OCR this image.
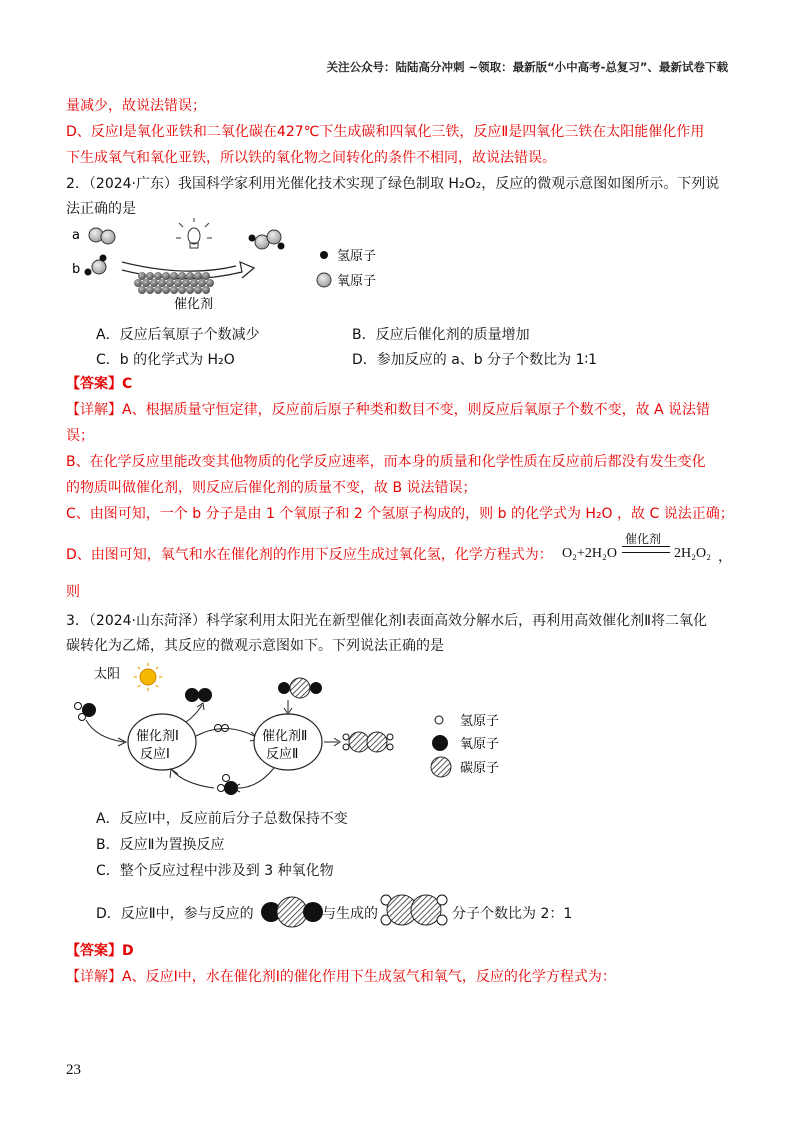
关注公众号：陆陆高分冲刺 ~领取：最新版“小中高考-总复习”、最新试卷下载
量减少，故说法错误；
D、反应Ⅰ是氧化亚铁和二氧化碳在427℃下生成碳和四氧化三铁，反应Ⅱ是四氧化三铁在太阳能催化作用
下生成氧气和氧化亚铁，所以铁的氧化物之间转化的条件不相同，故说法错误。
2．（2024·广东）我国科学家利用光催化技术实现了绿色制取 H₂O₂，反应的微观示意图如图所示。下列说
法正确的是
a
b
催化剂
氢原子
氧原子
A．反应后氧原子个数减少	B．反应后催化剂的质量增加
C．b 的化学式为 H₂O	D．参加反应的 a、b 分子个数比为 1∶1
【答案】C
【详解】A、根据质量守恒定律，反应前后原子种类和数目不变，则反应后氧原子个数不变，故 A 说法错
误；
B、在化学反应里能改变其他物质的化学反应速率，而本身的质量和化学性质在反应前后都没有发生变化
的物质叫做催化剂，则反应后催化剂的质量不变，故 B 说法错误；
C、由图可知，一个 b 分子是由 1 个氧原子和 2 个氢原子构成的，则 b 的化学式为 H₂O ，故 C 说法正确；
D、由图可知，氧气和水在催化剂的作用下反应生成过氧化氢，化学方程式为： O₂+2H₂O
催化剂
2H₂O₂ ，
则
3．（2024·山东菏泽）科学家利用太阳光在新型催化剂Ⅰ表面高效分解水后，再利用高效催化剂Ⅱ将二氧化
碳转化为乙烯，其反应的微观示意图如下。下列说法正确的是
太阳
催化剂Ⅰ
反应Ⅰ
催化剂Ⅱ
反应Ⅱ
氢原子
氧原子
碳原子
A．反应Ⅰ中，反应前后分子总数保持不变
B．反应Ⅱ为置换反应
C．整个反应过程中涉及到 3 种氧化物
D．反应Ⅱ中，参与反应的	与生成的	分子个数比为 2：1
【答案】D
【详解】A、反应Ⅰ中，水在催化剂Ⅰ的催化作用下生成氢气和氧气，反应的化学方程式为：
23
